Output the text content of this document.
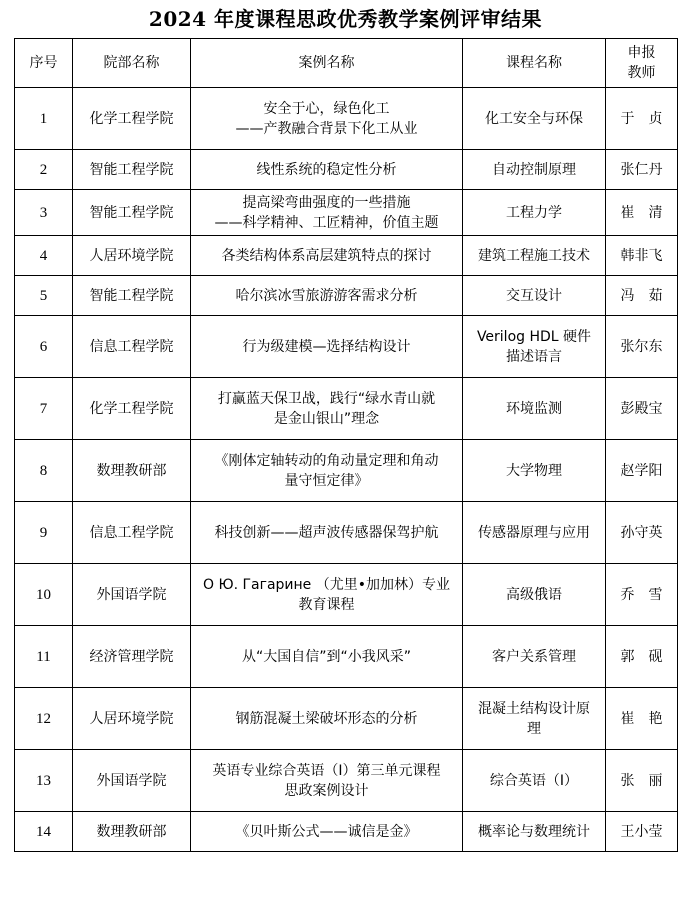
2024 年度课程思政优秀教学案例评审结果
序号	院部名称	案例名称	课程名称	申报
教师

1	化学工程学院	安全于心，绿色化工
——产教融合背景下化工从业	化工安全与环保	于　贞
2	智能工程学院	线性系统的稳定性分析	自动控制原理	张仁丹
3	智能工程学院	提高梁弯曲强度的一些措施
——科学精神、工匠精神，价值主题	工程力学	崔　清
4	人居环境学院	各类结构体系高层建筑特点的探讨	建筑工程施工技术	韩非飞
5	智能工程学院	哈尔滨冰雪旅游游客需求分析	交互设计	冯　茹
6	信息工程学院	行为级建模—选择结构设计	Verilog HDL 硬件
描述语言	张尔东
7	化学工程学院	打赢蓝天保卫战，践行“绿水青山就
是金山银山”理念	环境监测	彭殿宝
8	数理教研部	《刚体定轴转动的角动量定理和角动
量守恒定律》	大学物理	赵学阳
9	信息工程学院	科技创新——超声波传感器保驾护航	传感器原理与应用	孙守英
10	外国语学院	О Ю. Гагарине （尤里•加加林）专业
教育课程	高级俄语	乔　雪
11	经济管理学院	从“大国自信”到“小我风采”	客户关系管理	郭　砚
12	人居环境学院	钢筋混凝土梁破坏形态的分析	混凝土结构设计原
理	崔　艳
13	外国语学院	英语专业综合英语（I）第三单元课程
思政案例设计	综合英语（I）	张　丽
14	数理教研部	《贝叶斯公式——诚信是金》	概率论与数理统计	王小莹
